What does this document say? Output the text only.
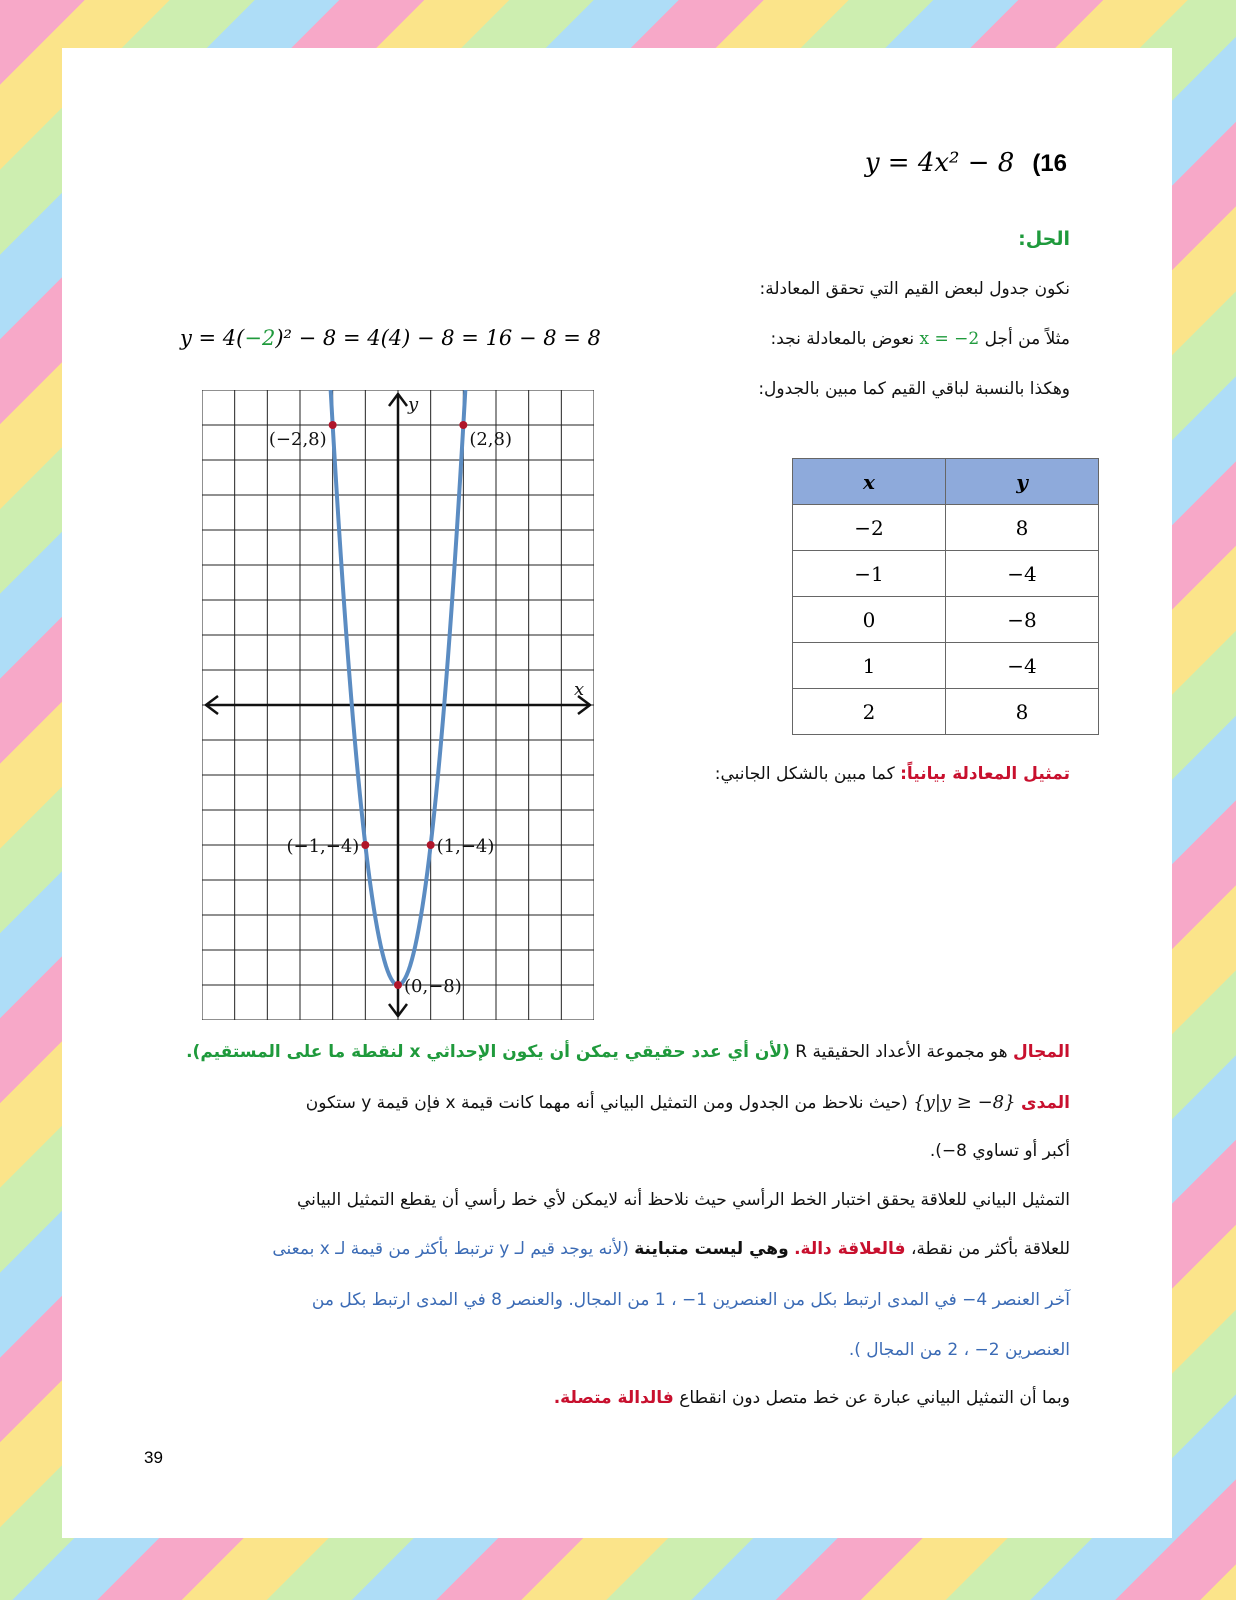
y = 4x² − 8 (16
الحل:
نكون جدول لبعض القيم التي تحقق المعادلة:
مثلاً من أجل x = −2 نعوض بالمعادلة نجد:
y = 4(−2)² − 8 = 4(4) − 8 = 16 − 8 = 8
وهكذا بالنسبة لباقي القيم كما مبين بالجدول:
x	y
−2	8
−1	−4
0	−8
1	−4
2	8
تمثيل المعادلة بيانياً: كما مبين بالشكل الجانبي:
x
y
(−2,8)	(2,8)
(−1,−4)	(1,−4)
(0,−8)
المجال هو مجموعة الأعداد الحقيقية R (لأن أي عدد حقيقي يمكن أن يكون الإحداثي x لنقطة ما على المستقيم).
المدى {y|y ≥ −8} (حيث نلاحظ من الجدول ومن التمثيل البياني أنه مهما كانت قيمة x فإن قيمة y ستكون
أكبر أو تساوي 8−).
التمثيل البياني للعلاقة يحقق اختبار الخط الرأسي حيث نلاحظ أنه لايمكن لأي خط رأسي أن يقطع التمثيل البياني
للعلاقة بأكثر من نقطة، فالعلاقة دالة. وهي ليست متباينة (لأنه يوجد قيم لـ y ترتبط بأكثر من قيمة لـ x بمعنى
آخر العنصر 4− في المدى ارتبط بكل من العنصرين 1− ، 1 من المجال. والعنصر 8 في المدى ارتبط بكل من
العنصرين 2− ، 2 من المجال ).
وبما أن التمثيل البياني عبارة عن خط متصل دون انقطاع فالدالة متصلة.
39
